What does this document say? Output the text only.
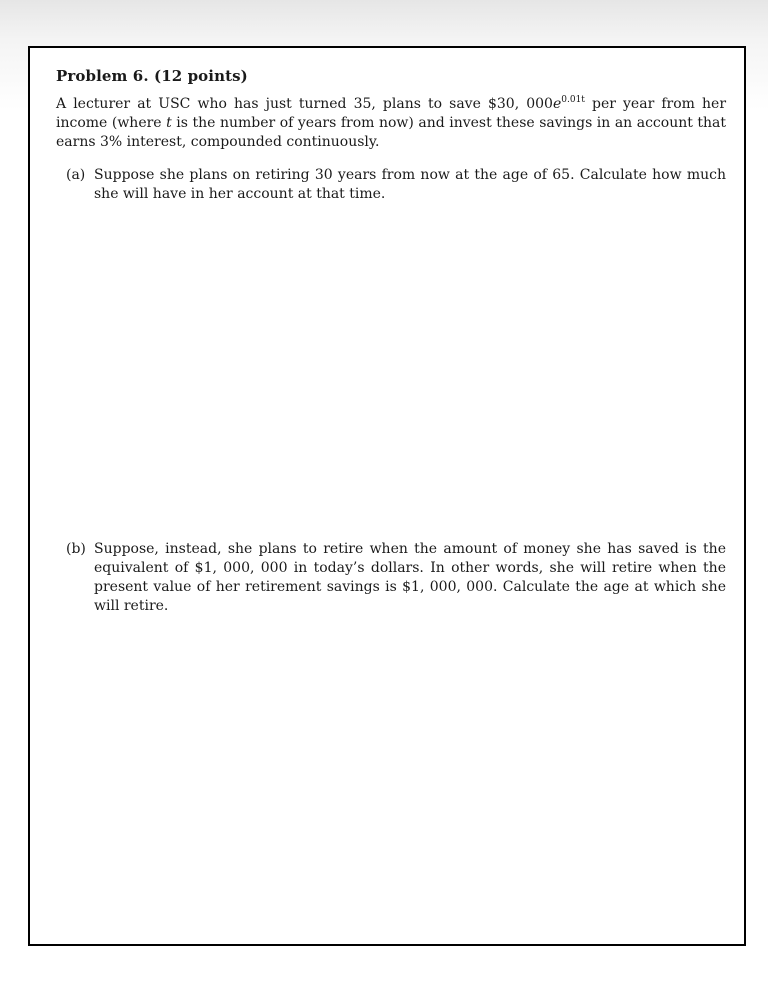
Problem 6. (12 points)
A lecturer at USC who has just turned 35, plans to save $30, $000e^{0.01t}$ per year from her income (where t is the number of years from now) and invest these savings in an account that earns 3% interest, compounded continuously.
(a) Suppose she plans on retiring 30 years from now at the age of 65. Calculate how much she will have in her account at that time.
(b) Suppose, instead, she plans to retire when the amount of money she has saved is the equivalent of $1, 000, 000 in today’s dollars. In other words, she will retire when the present value of her retirement savings is $1, 000, 000. Calculate the age at which she will retire.
